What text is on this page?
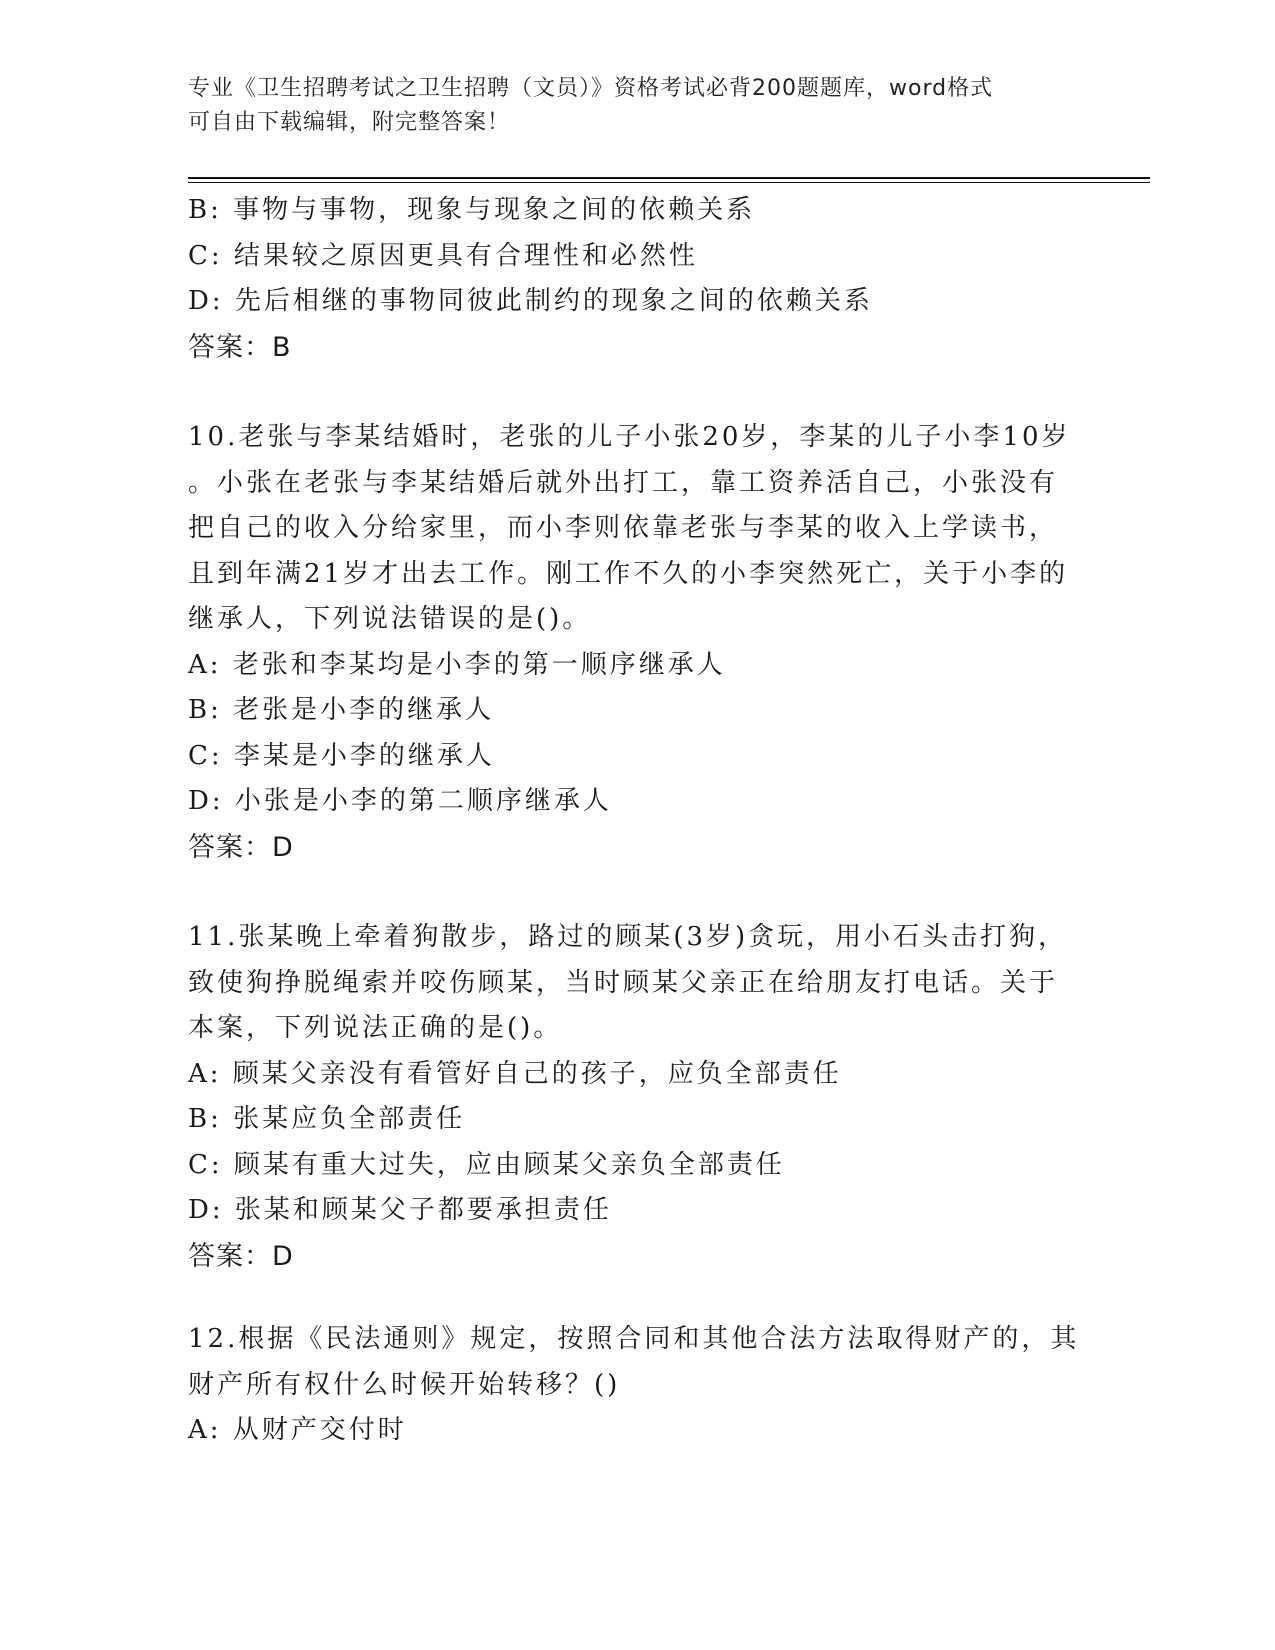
专业《卫生招聘考试之卫生招聘（文员）》资格考试必背200题题库，word格式
可自由下载编辑，附完整答案！
B: 事物与事物，现象与现象之间的依赖关系
C: 结果较之原因更具有合理性和必然性
D: 先后相继的事物同彼此制约的现象之间的依赖关系
答案：B
10.老张与李某结婚时，老张的儿子小张20岁，李某的儿子小李10岁
。小张在老张与李某结婚后就外出打工，靠工资养活自己，小张没有
把自己的收入分给家里，而小李则依靠老张与李某的收入上学读书，
且到年满21岁才出去工作。刚工作不久的小李突然死亡，关于小李的
继承人，下列说法错误的是()。
A: 老张和李某均是小李的第一顺序继承人
B: 老张是小李的继承人
C: 李某是小李的继承人
D: 小张是小李的第二顺序继承人
答案：D
11.张某晚上牵着狗散步，路过的顾某(3岁)贪玩，用小石头击打狗，
致使狗挣脱绳索并咬伤顾某，当时顾某父亲正在给朋友打电话。关于
本案，下列说法正确的是()。
A: 顾某父亲没有看管好自己的孩子，应负全部责任
B: 张某应负全部责任
C: 顾某有重大过失，应由顾某父亲负全部责任
D: 张某和顾某父子都要承担责任
答案：D
12.根据《民法通则》规定，按照合同和其他合法方法取得财产的，其
财产所有权什么时候开始转移？()
A: 从财产交付时
